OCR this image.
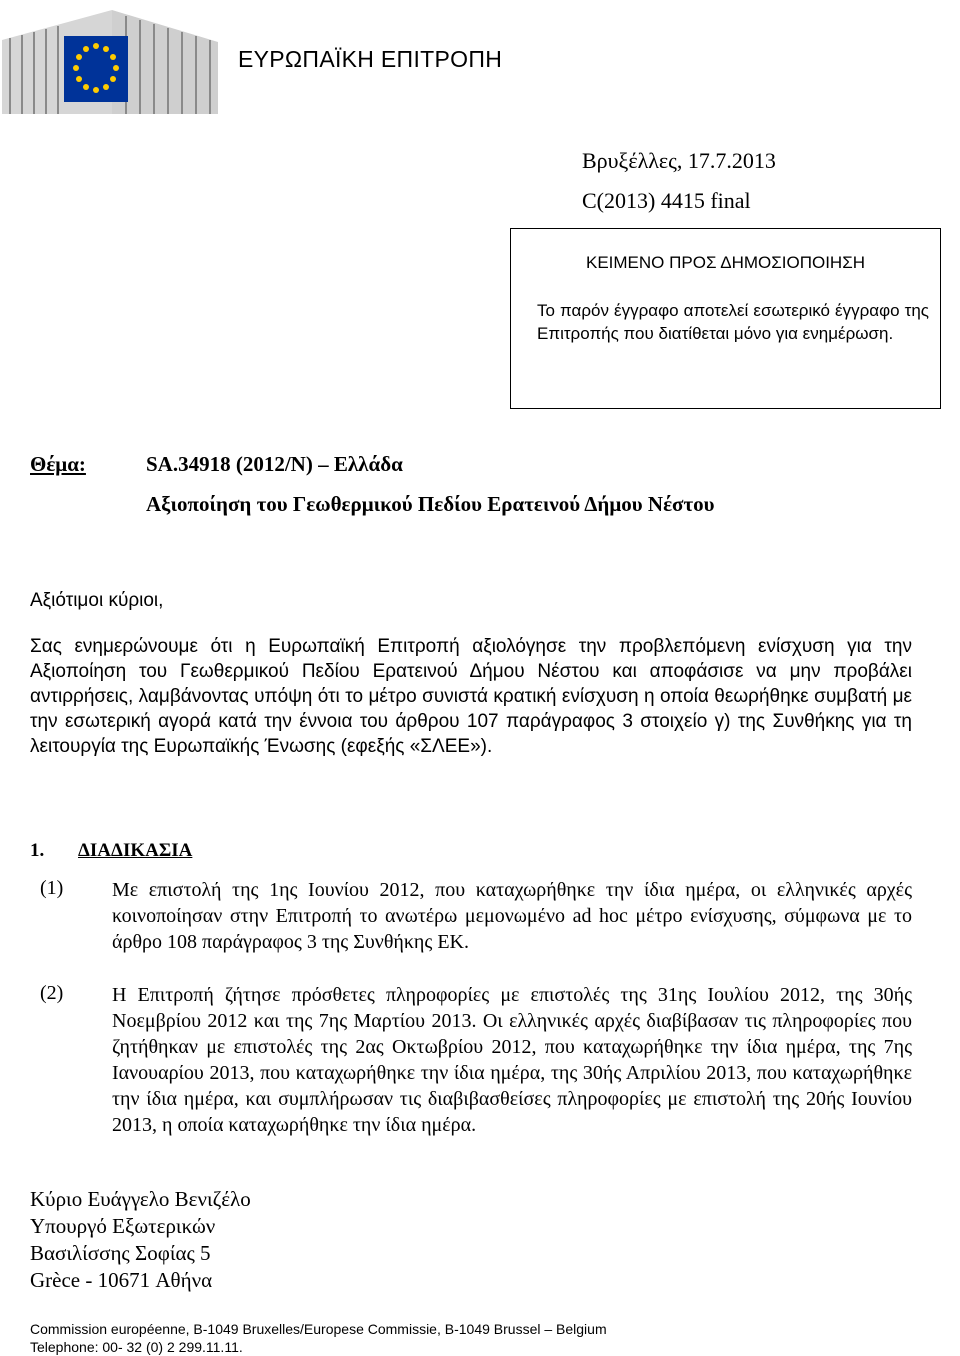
ΕΥΡΩΠΑΪΚΗ ΕΠΙΤΡΟΠΗ
Βρυξέλλες, 17.7.2013
C(2013) 4415 final
ΚΕΙΜΕΝΟ ΠΡΟΣ ΔΗΜΟΣΙΟΠΟΙΗΣΗ
Το παρόν έγγραφο αποτελεί εσωτερικό έγγραφο της Επιτροπής που διατίθεται μόνο για ενημέρωση.
Θέμα:	SA.34918 (2012/N) – Ελλάδα
Αξιοποίηση του Γεωθερμικού Πεδίου Ερατεινού Δήμου Νέστου
Αξιότιμοι κύριοι,
Σας ενημερώνουμε ότι η Ευρωπαϊκή Επιτροπή αξιολόγησε την προβλεπόμενη ενίσχυση για την Αξιοποίηση του Γεωθερμικού Πεδίου Ερατεινού Δήμου Νέστου και αποφάσισε να μην προβάλει αντιρρήσεις, λαμβάνοντας υπόψη ότι το μέτρο συνιστά κρατική ενίσχυση η οποία θεωρήθηκε συμβατή με την εσωτερική αγορά κατά την έννοια του άρθρου 107 παράγραφος 3 στοιχείο γ) της Συνθήκης για τη λειτουργία της Ευρωπαϊκής Ένωσης (εφεξής «ΣΛΕΕ»).
1. ΔΙΑΔΙΚΑΣΙΑ
(1) Με επιστολή της 1ης Ιουνίου 2012, που καταχωρήθηκε την ίδια ημέρα, οι ελληνικές αρχές κοινοποίησαν στην Επιτροπή το ανωτέρω μεμονωμένο ad hoc μέτρο ενίσχυσης, σύμφωνα με το άρθρο 108 παράγραφος 3 της Συνθήκης ΕΚ.
(2) Η Επιτροπή ζήτησε πρόσθετες πληροφορίες με επιστολές της 31ης Ιουλίου 2012, της 30ής Νοεμβρίου 2012 και της 7ης Μαρτίου 2013. Οι ελληνικές αρχές διαβίβασαν τις πληροφορίες που ζητήθηκαν με επιστολές της 2ας Οκτωβρίου 2012, που καταχωρήθηκε την ίδια ημέρα, της 7ης Ιανουαρίου 2013, που καταχωρήθηκε την ίδια ημέρα, της 30ής Απριλίου 2013, που καταχωρήθηκε την ίδια ημέρα, και συμπλήρωσαν τις διαβιβασθείσες πληροφορίες με επιστολή της 20ής Ιουνίου 2013, η οποία καταχωρήθηκε την ίδια ημέρα.
Κύριο Ευάγγελο Βενιζέλο
Υπουργό Εξωτερικών
Βασιλίσσης Σοφίας 5
Grèce - 10671 Αθήνα
Commission européenne, B-1049 Bruxelles/Europese Commissie, B-1049 Brussel – Belgium
Telephone: 00- 32 (0) 2 299.11.11.
